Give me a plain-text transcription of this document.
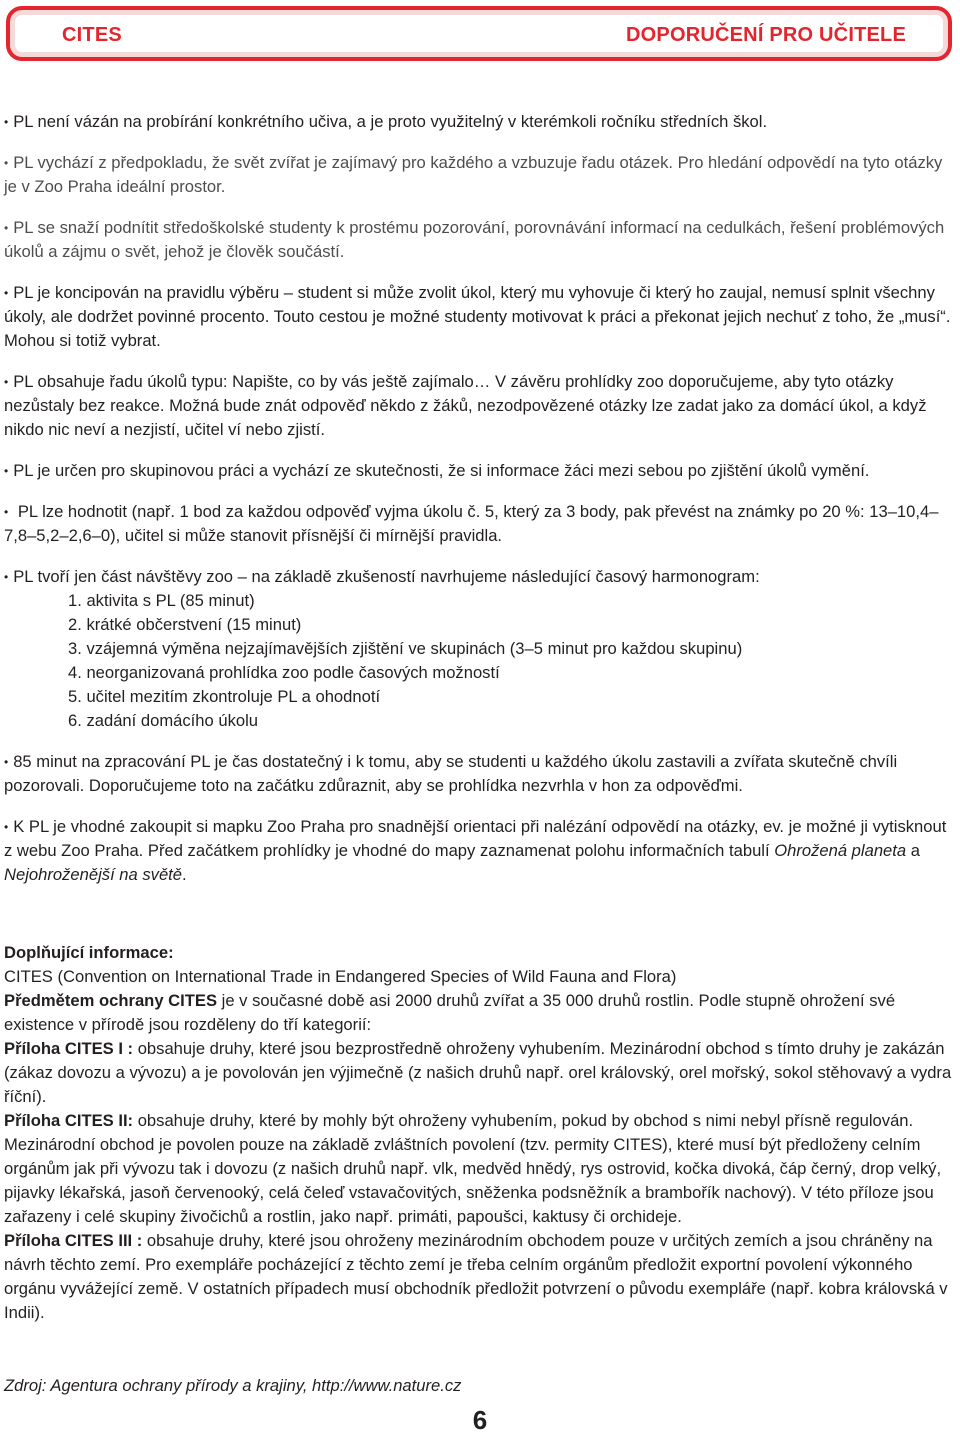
CITES	DOPORUČENÍ PRO UČITELE

• PL není vázán na probírání konkrétního učiva, a je proto využitelný v kterémkoli ročníku středních škol.

• PL vychází z předpokladu, že svět zvířat je zajímavý pro každého a vzbuzuje řadu otázek. Pro hledání odpovědí na tyto otázky je v Zoo Praha ideální prostor.

• PL se snaží podnítit středoškolské studenty k prostému pozorování, porovnávání informací na cedulkách, řešení problémových úkolů a zájmu o svět, jehož je člověk součástí.

• PL je koncipován na pravidlu výběru – student si může zvolit úkol, který mu vyhovuje či který ho zaujal, nemusí splnit všechny úkoly, ale dodržet povinné procento. Touto cestou je možné studenty motivovat k práci a překonat jejich nechuť z toho, že „musí“. Mohou si totiž vybrat.

• PL obsahuje řadu úkolů typu: Napište, co by vás ještě zajímalo… V závěru prohlídky zoo doporučujeme, aby tyto otázky nezůstaly bez reakce. Možná bude znát odpověď někdo z žáků, nezodpovězené otázky lze zadat jako za domácí úkol, a když nikdo nic neví a nezjistí, učitel ví nebo zjistí.

• PL je určen pro skupinovou práci a vychází ze skutečnosti, že si informace žáci mezi sebou po zjištění úkolů vymění.

• PL lze hodnotit (např. 1 bod za každou odpověď vyjma úkolu č. 5, který za 3 body, pak převést na známky po 20 %: 13–10,4–7,8–5,2–2,6–0), učitel si může stanovit přísnější či mírnější pravidla.

• PL tvoří jen část návštěvy zoo – na základě zkušeností navrhujeme následující časový harmonogram:

1. aktivita s PL (85 minut)
2. krátké občerstvení (15 minut)
3. vzájemná výměna nejzajímavějších zjištění ve skupinách (3–5 minut pro každou skupinu)
4. neorganizovaná prohlídka zoo podle časových možností
5. učitel mezitím zkontroluje PL a ohodnotí
6. zadání domácího úkolu

• 85 minut na zpracování PL je čas dostatečný i k tomu, aby se studenti u každého úkolu zastavili a zvířata skutečně chvíli pozorovali. Doporučujeme toto na začátku zdůraznit, aby se prohlídka nezvrhla v hon za odpověďmi.

• K PL je vhodné zakoupit si mapku Zoo Praha pro snadnější orientaci při nalézání odpovědí na otázky, ev. je možné ji vytisknout z webu Zoo Praha. Před začátkem prohlídky je vhodné do mapy zaznamenat polohu informačních tabulí Ohrožená planeta a Nejohroženější na světě.

Doplňující informace:

CITES (Convention on International Trade in Endangered Species of Wild Fauna and Flora)

Předmětem ochrany CITES je v současné době asi 2000 druhů zvířat a 35 000 druhů rostlin. Podle stupně ohrožení své existence v přírodě jsou rozděleny do tří kategorií:

Příloha CITES I : obsahuje druhy, které jsou bezprostředně ohroženy vyhubením. Mezinárodní obchod s tímto druhy je zakázán (zákaz dovozu a vývozu) a je povolován jen výjimečně (z našich druhů např. orel královský, orel mořský, sokol stěhovavý a vydra říční).

Příloha CITES II: obsahuje druhy, které by mohly být ohroženy vyhubením, pokud by obchod s nimi nebyl přísně regulován. Mezinárodní obchod je povolen pouze na základě zvláštních povolení (tzv. permity CITES), které musí být předloženy celním orgánům jak při vývozu tak i dovozu (z našich druhů např. vlk, medvěd hnědý, rys ostrovid, kočka divoká, čáp černý, drop velký, pijavky lékařská, jasoň červenooký, celá čeleď vstavačovitých, sněženka podsněžník a brambořík nachový). V této příloze jsou zařazeny i celé skupiny živočichů a rostlin, jako např. primáti, papoušci, kaktusy či orchideje.

Příloha CITES III : obsahuje druhy, které jsou ohroženy mezinárodním obchodem pouze v určitých zemích a jsou chráněny na návrh těchto zemí. Pro exempláře pocházející z těchto zemí je třeba celním orgánům předložit exportní povolení výkonného orgánu vyvážející země. V ostatních případech musí obchodník předložit potvrzení o původu exempláře (např. kobra královská v Indii).

Zdroj: Agentura ochrany přírody a krajiny, http://www.nature.cz
6
